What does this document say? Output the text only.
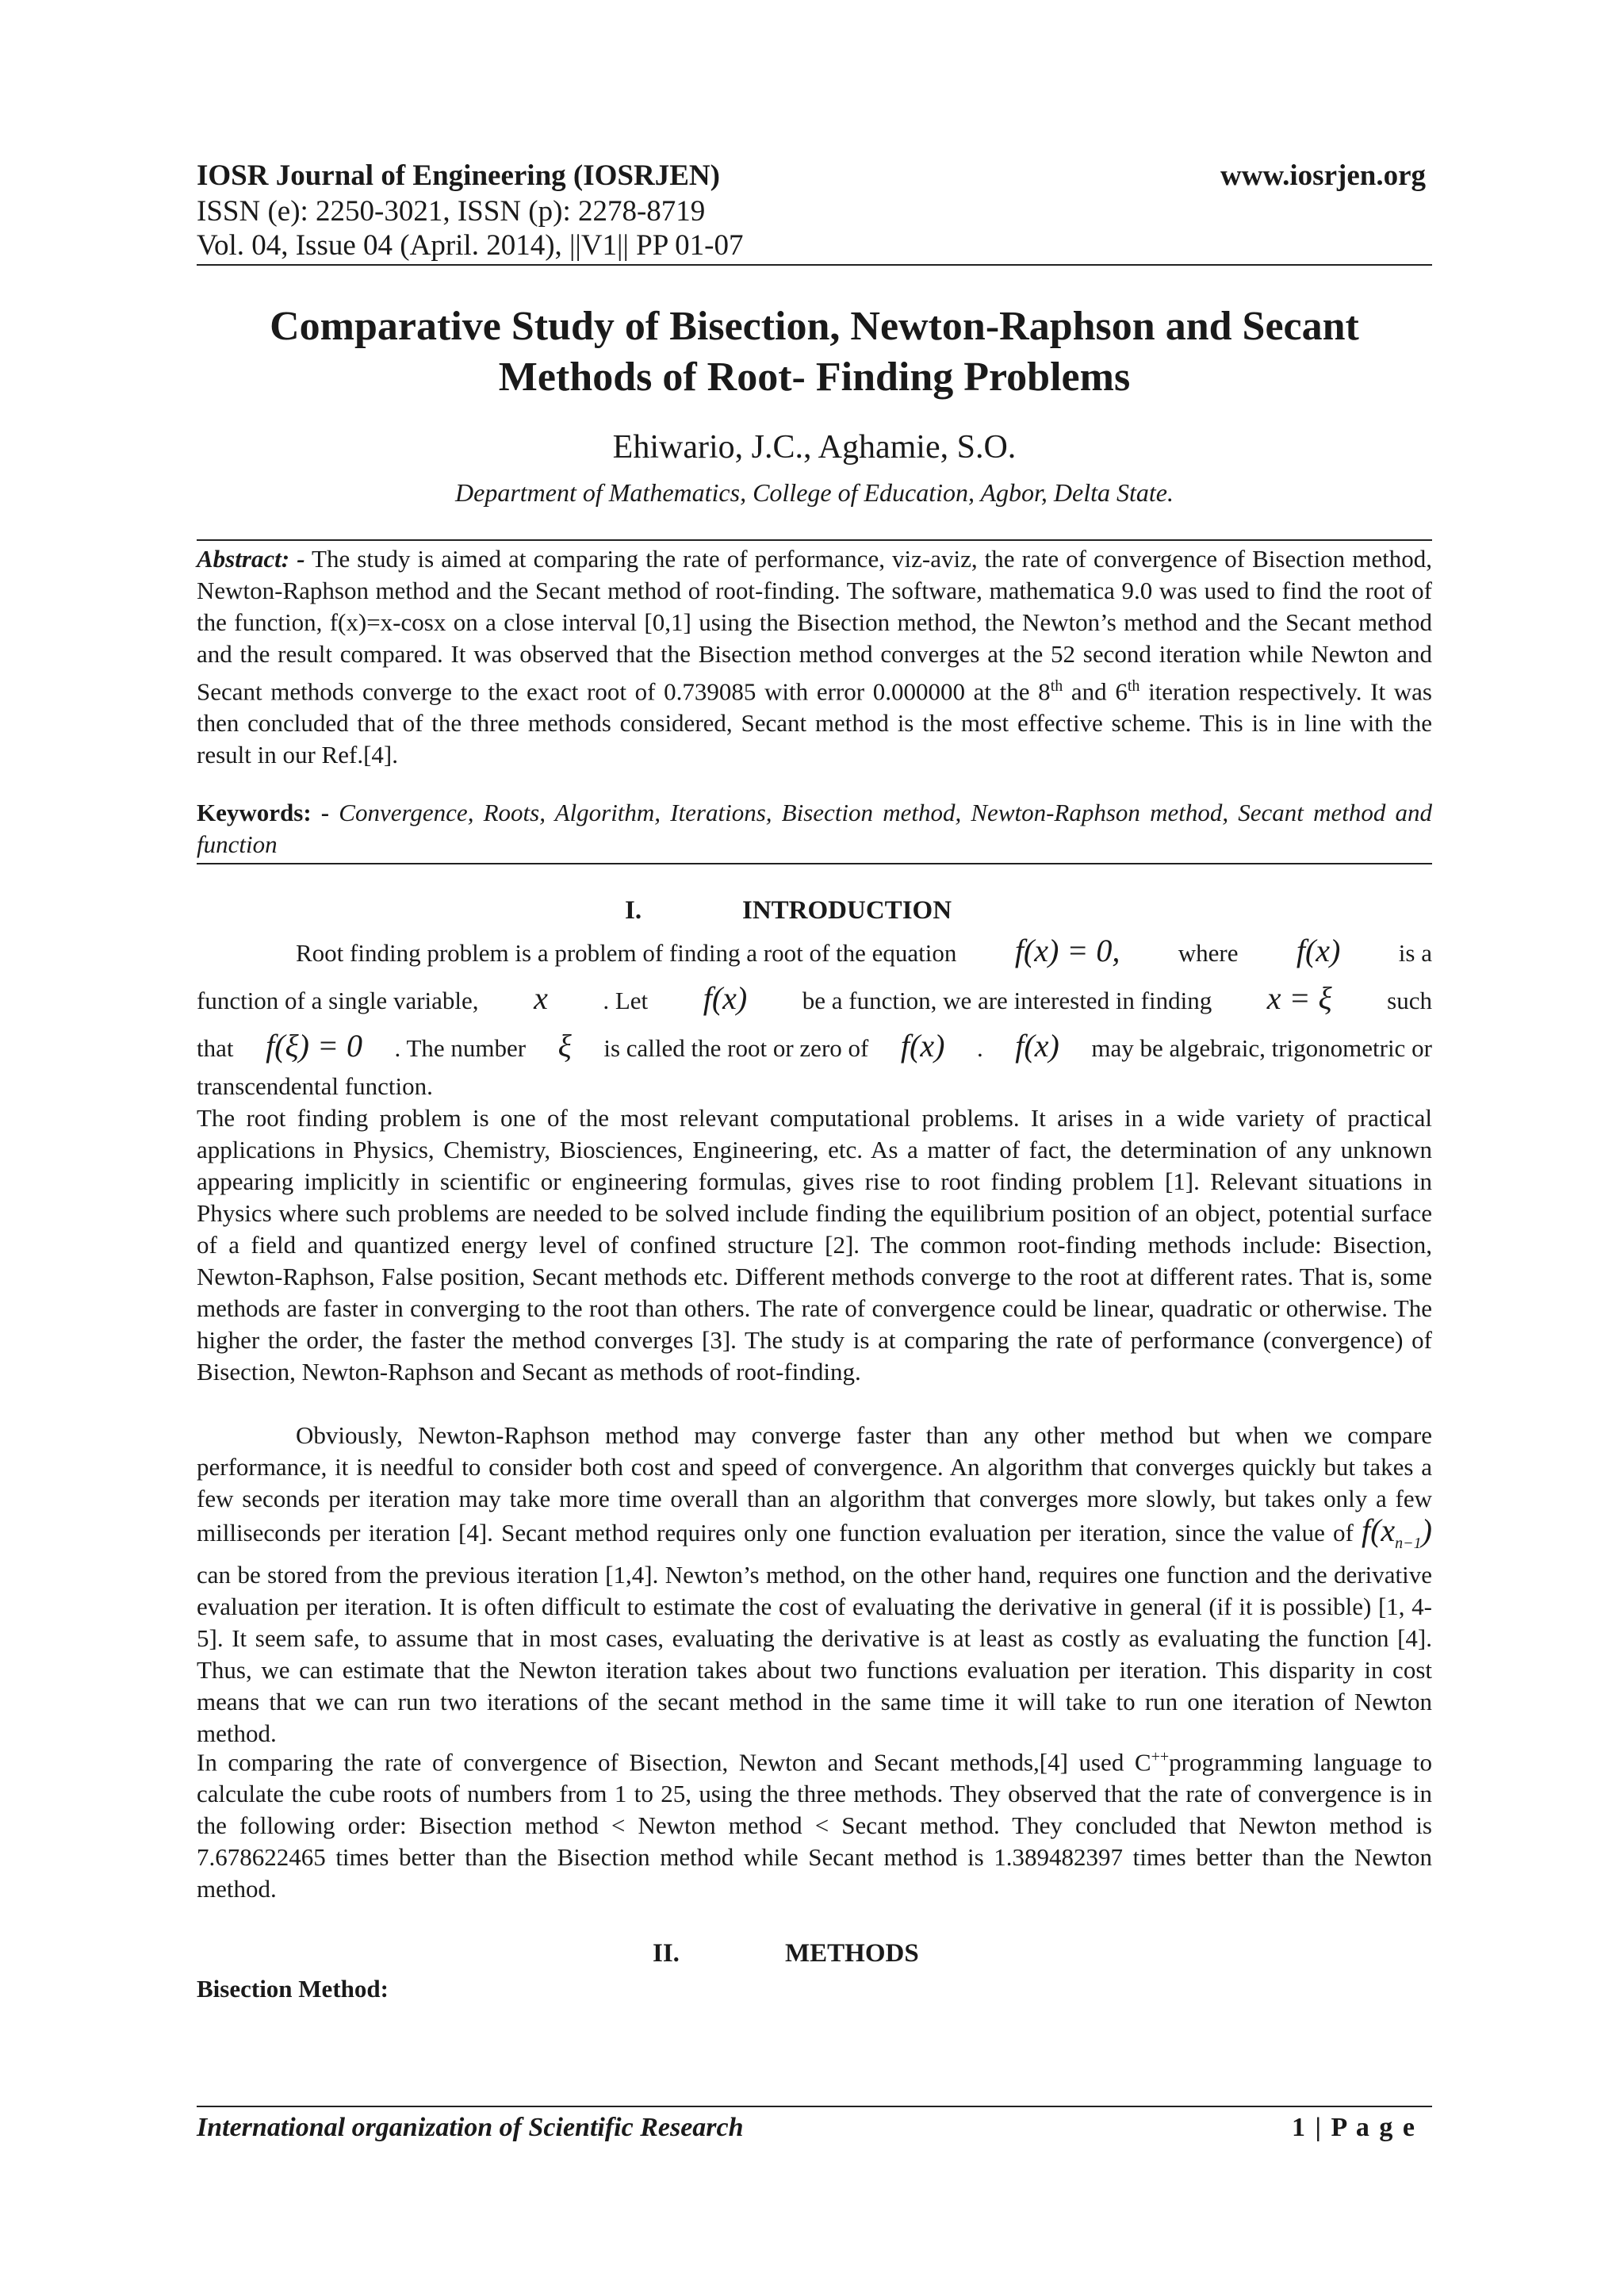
IOSR Journal of Engineering (IOSRJEN)	www.iosrjen.org
ISSN (e): 2250-3021, ISSN (p): 2278-8719
Vol. 04, Issue 04 (April. 2014), ||V1|| PP 01-07
Comparative Study of Bisection, Newton-Raphson and Secant
Methods of Root- Finding Problems
Ehiwario, J.C., Aghamie, S.O.
Department of Mathematics, College of Education, Agbor, Delta State.
Abstract: - The study is aimed at comparing the rate of performance, viz-aviz, the rate of convergence of Bisection method, Newton-Raphson method and the Secant method of root-finding. The software, mathematica 9.0 was used to find the root of the function, f(x)=x-cosx on a close interval [0,1] using the Bisection method, the Newton’s method and the Secant method and the result compared. It was observed that the Bisection method converges at the 52 second iteration while Newton and Secant methods converge to the exact root of 0.739085 with error 0.000000 at the 8th and 6th iteration respectively. It was then concluded that of the three methods considered, Secant method is the most effective scheme. This is in line with the result in our Ref.[4].
Keywords: - Convergence, Roots, Algorithm, Iterations, Bisection method, Newton-Raphson method, Secant method and function
I.	INTRODUCTION
Root finding problem is a problem of finding a root of the equation f(x) = 0, where f(x) is a
function of a single variable, x . Let f(x) be a function, we are interested in finding x = ξ such
that f(ξ) = 0 . The number ξ is called the root or zero of f(x) . f(x) may be algebraic, trigonometric or
transcendental function.
The root finding problem is one of the most relevant computational problems. It arises in a wide variety of practical applications in Physics, Chemistry, Biosciences, Engineering, etc. As a matter of fact, the determination of any unknown appearing implicitly in scientific or engineering formulas, gives rise to root finding problem [1]. Relevant situations in Physics where such problems are needed to be solved include finding the equilibrium position of an object, potential surface of a field and quantized energy level of confined structure [2]. The common root-finding methods include: Bisection, Newton-Raphson, False position, Secant methods etc. Different methods converge to the root at different rates. That is, some methods are faster in converging to the root than others. The rate of convergence could be linear, quadratic or otherwise. The higher the order, the faster the method converges [3]. The study is at comparing the rate of performance (convergence) of Bisection, Newton-Raphson and Secant as methods of root-finding.
Obviously, Newton-Raphson method may converge faster than any other method but when we compare performance, it is needful to consider both cost and speed of convergence. An algorithm that converges quickly but takes a few seconds per iteration may take more time overall than an algorithm that converges more slowly, but takes only a few milliseconds per iteration [4]. Secant method requires only one function evaluation per iteration, since the value of $f(x_{n-1})$ can be stored from the previous iteration [1,4]. Newton’s method, on the other hand, requires one function and the derivative evaluation per iteration. It is often difficult to estimate the cost of evaluating the derivative in general (if it is possible) [1, 4-5]. It seem safe, to assume that in most cases, evaluating the derivative is at least as costly as evaluating the function [4]. Thus, we can estimate that the Newton iteration takes about two functions evaluation per iteration. This disparity in cost means that we can run two iterations of the secant method in the same time it will take to run one iteration of Newton method.
In comparing the rate of convergence of Bisection, Newton and Secant methods,[4] used C++programming language to calculate the cube roots of numbers from 1 to 25, using the three methods. They observed that the rate of convergence is in the following order: Bisection method < Newton method < Secant method. They concluded that Newton method is 7.678622465 times better than the Bisection method while Secant method is 1.389482397 times better than the Newton method.
II.	METHODS
Bisection Method:
International organization of Scientific Research	1 | P a g e
